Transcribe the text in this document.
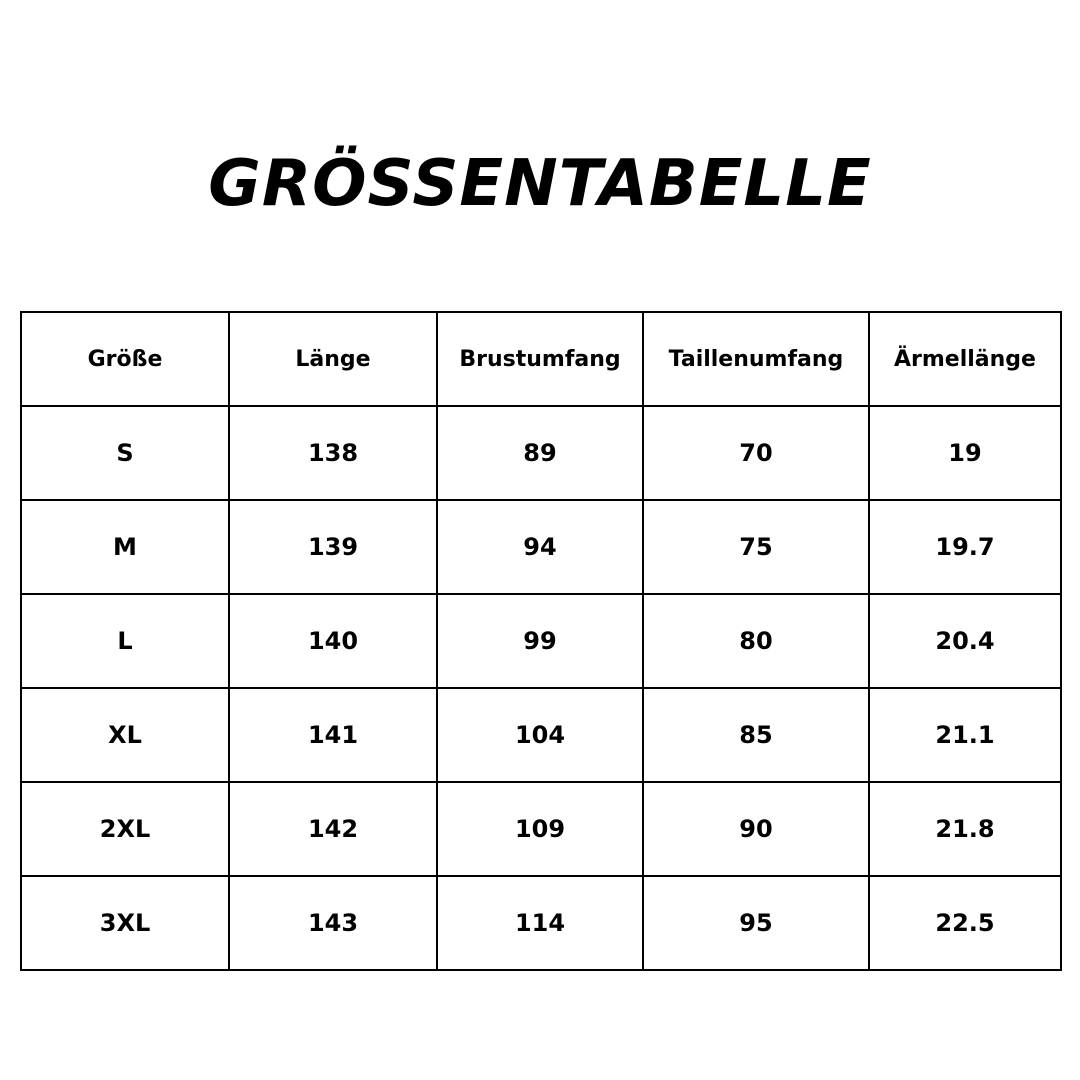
GRÖSSENTABELLE
Größe	Länge	Brustumfang	Taillenumfang	Ärmellänge
S	138	89	70	19
M	139	94	75	19.7
L	140	99	80	20.4
XL	141	104	85	21.1
2XL	142	109	90	21.8
3XL	143	114	95	22.5
